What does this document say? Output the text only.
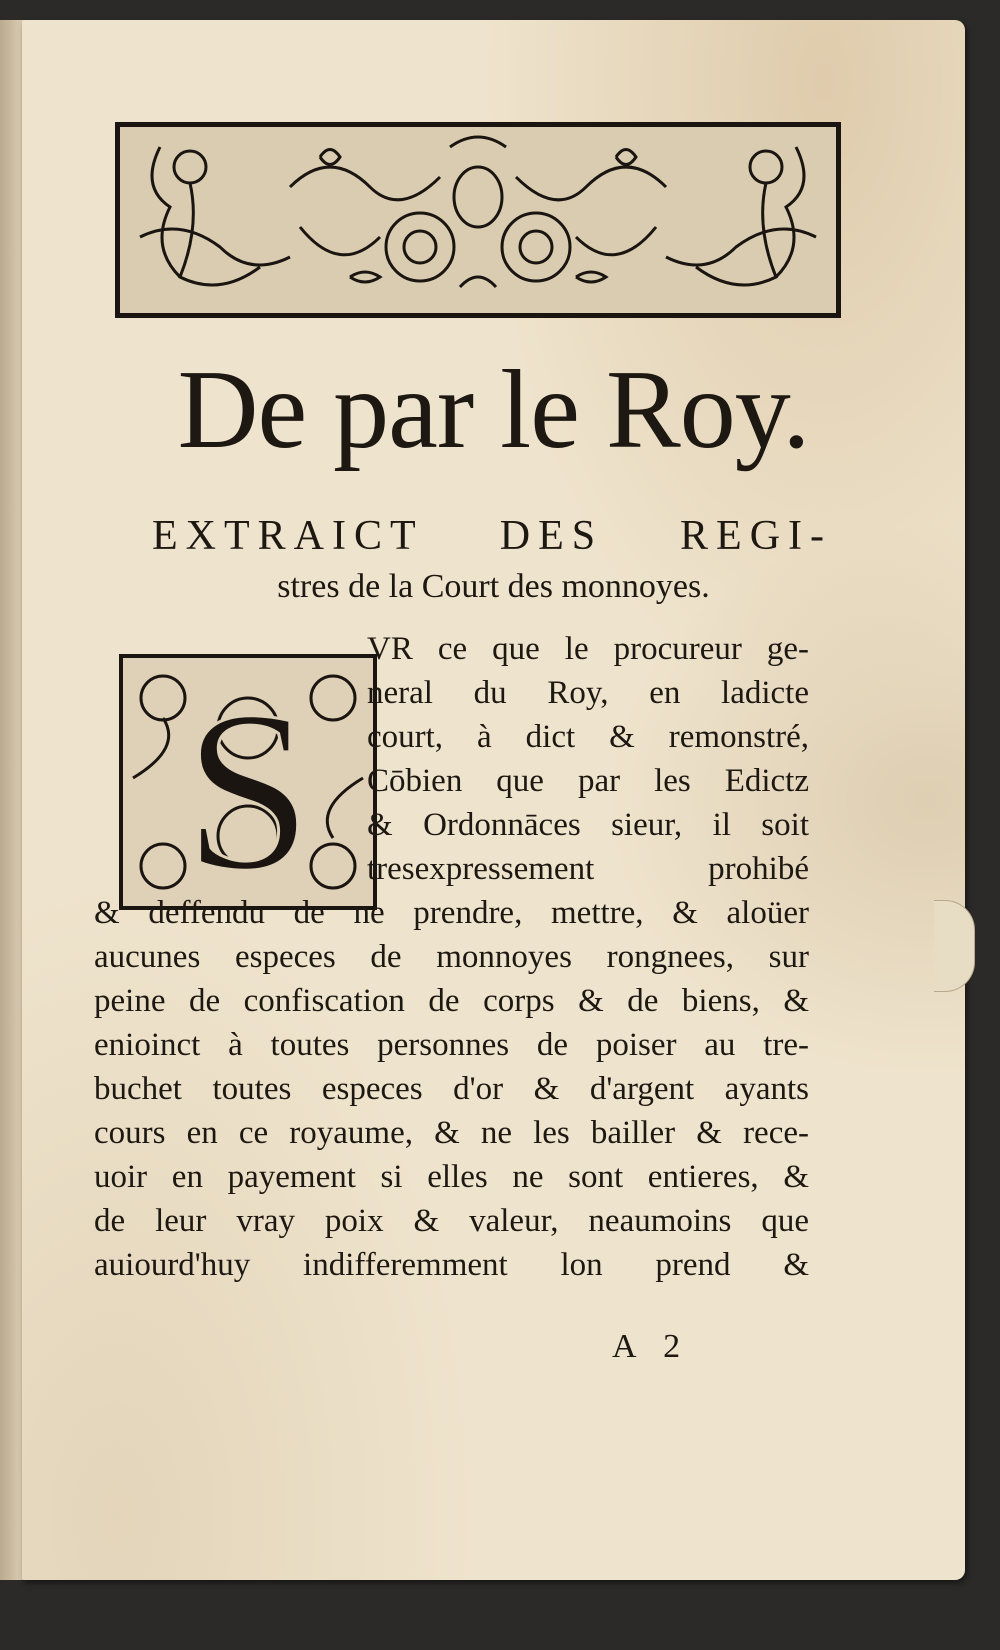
De par le Roy.
EXTRAICT DES REGI-
stres de la Court des monnoyes.
S
VR ce que le procureur ge-
neral du Roy, en ladicte
court, à dict & remonstré,
Cōbien que par les Edictz
& Ordonnāces sieur, il soit
tresexpressement prohibé
& deffendu de ne prendre, mettre, & aloüer
aucunes especes de monnoyes rongnees, sur
peine de confiscation de corps & de biens, &
enioinct à toutes personnes de poiser au tre-
buchet toutes especes d'or & d'argent ayants
cours en ce royaume, & ne les bailler & rece-
uoir en payement si elles ne sont entieres, &
de leur vray poix & valeur, neaumoins que
auiourd'huy indifferemment lon prend &
A 2
